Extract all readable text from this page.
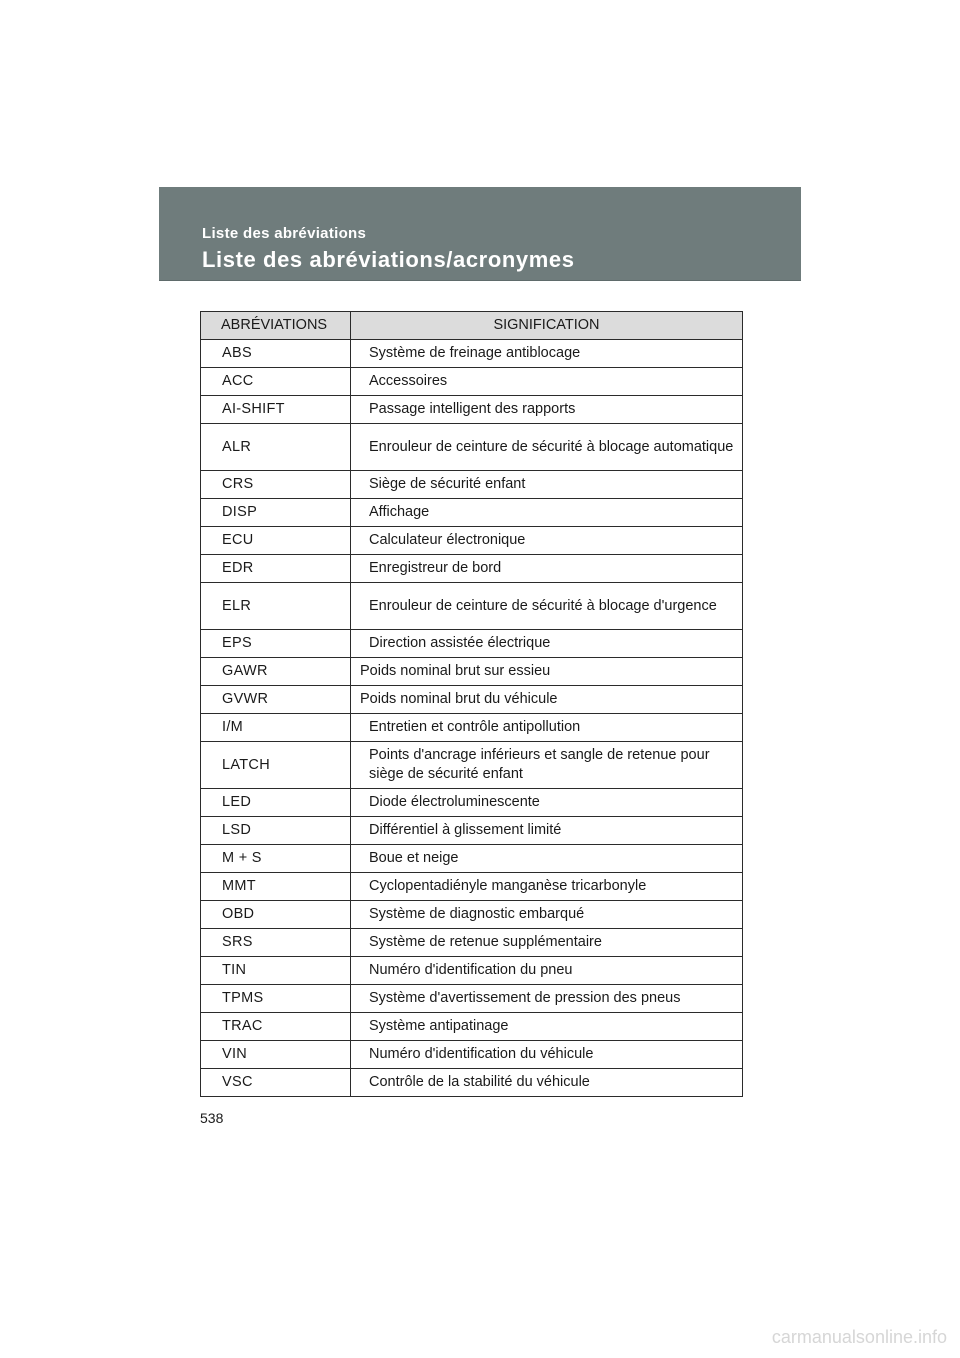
Liste des abréviations
Liste des abréviations/acronymes
ABRÉVIATIONS	SIGNIFICATION
ABS	Système de freinage antiblocage
ACC	Accessoires
AI-SHIFT	Passage intelligent des rapports
ALR	Enrouleur de ceinture de sécurité à blocage automatique
CRS	Siège de sécurité enfant
DISP	Affichage
ECU	Calculateur électronique
EDR	Enregistreur de bord
ELR	Enrouleur de ceinture de sécurité à blocage d'urgence
EPS	Direction assistée électrique
GAWR	Poids nominal brut sur essieu
GVWR	Poids nominal brut du véhicule
I/M	Entretien et contrôle antipollution
LATCH	Points d'ancrage inférieurs et sangle de retenue pour siège de sécurité enfant
LED	Diode électroluminescente
LSD	Différentiel à glissement limité
M + S	Boue et neige
MMT	Cyclopentadiényle manganèse tricarbonyle
OBD	Système de diagnostic embarqué
SRS	Système de retenue supplémentaire
TIN	Numéro d'identification du pneu
TPMS	Système d'avertissement de pression des pneus
TRAC	Système antipatinage
VIN	Numéro d'identification du véhicule
VSC	Contrôle de la stabilité du véhicule
538
carmanualsonline.info
